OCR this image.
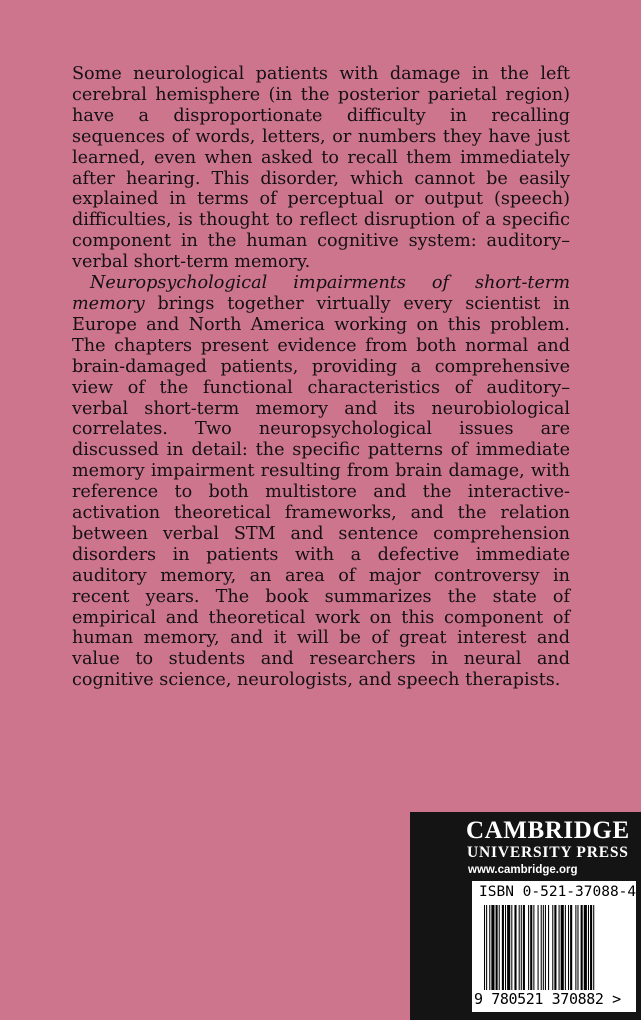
Some neurological patients with damage in the left cerebral hemisphere (in the posterior parietal region) have a disproportionate difficulty in recalling sequences of words, letters, or numbers they have just learned, even when asked to recall them immediately after hearing. This disorder, which cannot be easily explained in terms of perceptual or output (speech) difficulties, is thought to reflect disruption of a specific component in the human cognitive system: auditory–verbal short-term memory.

Neuropsychological impairments of short-term memory brings together virtually every scientist in Europe and North America working on this problem. The chapters present evidence from both normal and brain-damaged patients, providing a comprehensive view of the functional characteristics of auditory–verbal short-term memory and its neurobiological correlates. Two neuropsychological issues are discussed in detail: the specific patterns of immediate memory impairment resulting from brain damage, with reference to both multistore and the interactive-activation theoretical frameworks, and the relation between verbal STM and sentence comprehension disorders in patients with a defective immediate auditory memory, an area of major controversy in recent years. The book summarizes the state of empirical and theoretical work on this component of human memory, and it will be of great interest and value to students and researchers in neural and cognitive science, neurologists, and speech therapists.

CAMBRIDGE
UNIVERSITY PRESS
www.cambridge.org
ISBN 0-521-37088-4
9 780521 370882 >
